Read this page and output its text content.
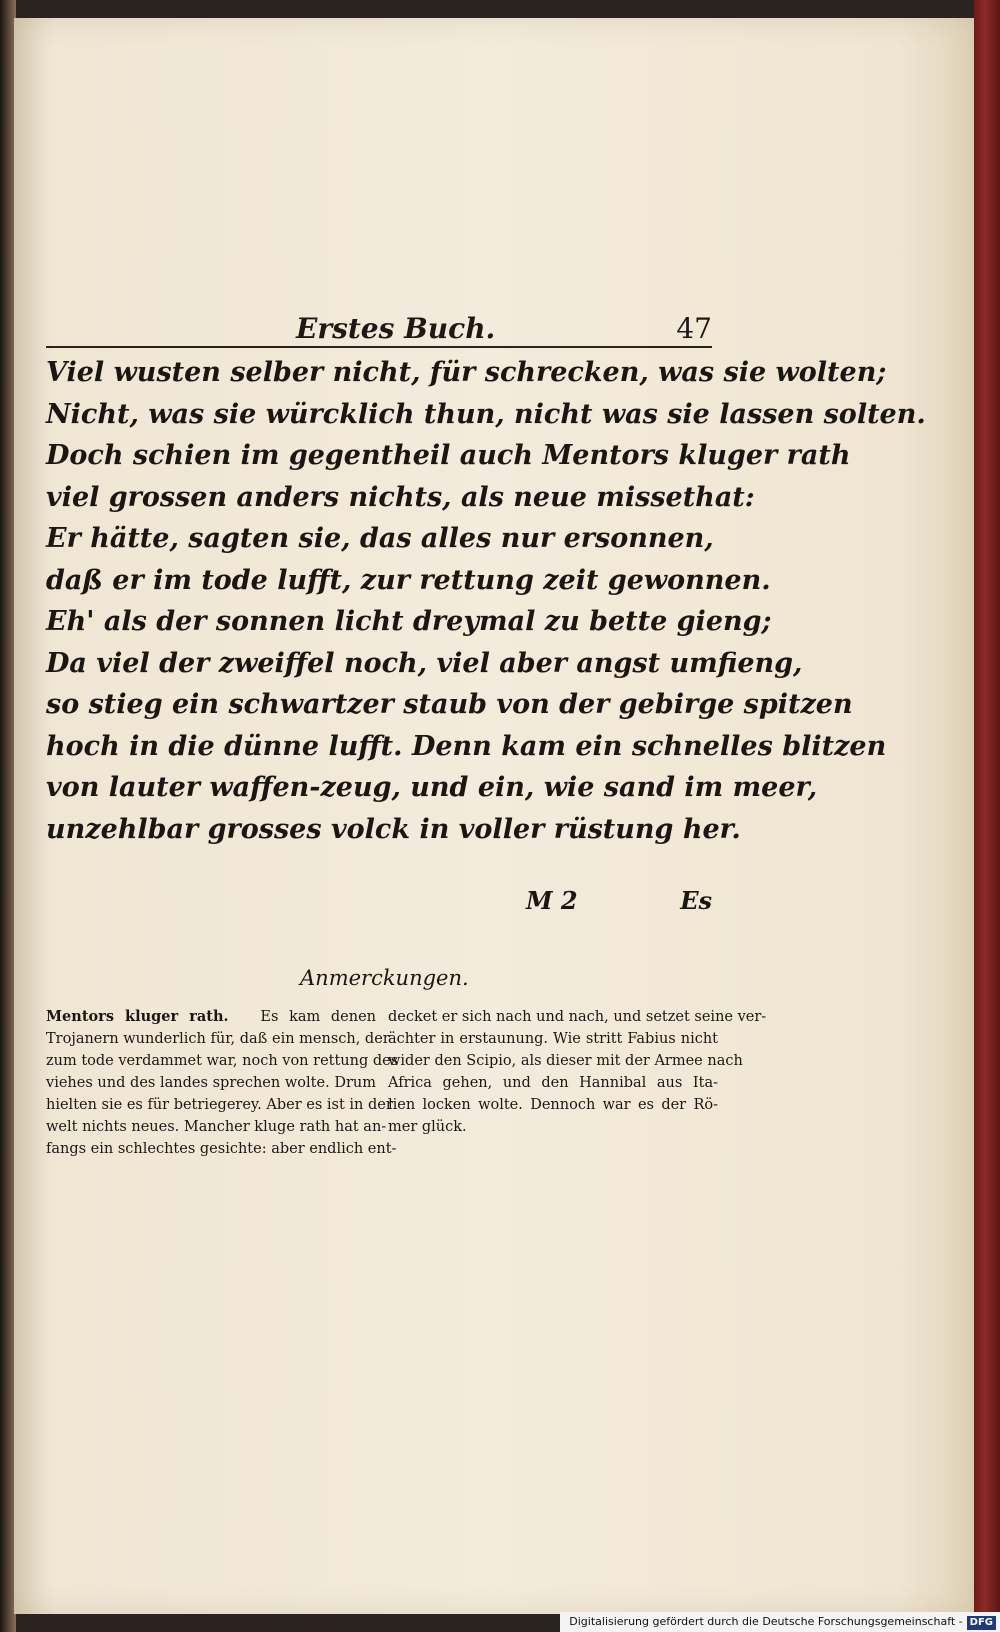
Erstes Buch.	47
Viel wusten selber nicht, für schrecken, was sie wolten;
Nicht, was sie würcklich thun, nicht was sie lassen solten.
Doch schien im gegentheil auch Mentors kluger rath
viel grossen anders nichts, als neue missethat:
Er hätte, sagten sie, das alles nur ersonnen,
daß er im tode lufft, zur rettung zeit gewonnen.
Eh' als der sonnen licht dreymal zu bette gieng;
Da viel der zweiffel noch, viel aber angst umfieng,
so stieg ein schwartzer staub von der gebirge spitzen
hoch in die dünne lufft. Denn kam ein schnelles blitzen
von lauter waffen-zeug, und ein, wie sand im meer,
unzehlbar grosses volck in voller rüstung her.
M 2	Es
Anmerckungen.
Mentors kluger rath. Es kam denen
Trojanern wunderlich für, daß ein mensch, der
zum tode verdammet war, noch von rettung des
viehes und des landes sprechen wolte. Drum
hielten sie es für betriegerey. Aber es ist in der
welt nichts neues. Mancher kluge rath hat an-
fangs ein schlechtes gesichte: aber endlich ent-
decket er sich nach und nach, und setzet seine ver-
ächter in erstaunung. Wie stritt Fabius nicht
wider den Scipio, als dieser mit der Armee nach
Africa gehen, und den Hannibal aus Ita-
lien locken wolte. Dennoch war es der Rö-
mer glück.
Digitalisierung gefördert durch die Deutsche Forschungsgemeinschaft - DFG
